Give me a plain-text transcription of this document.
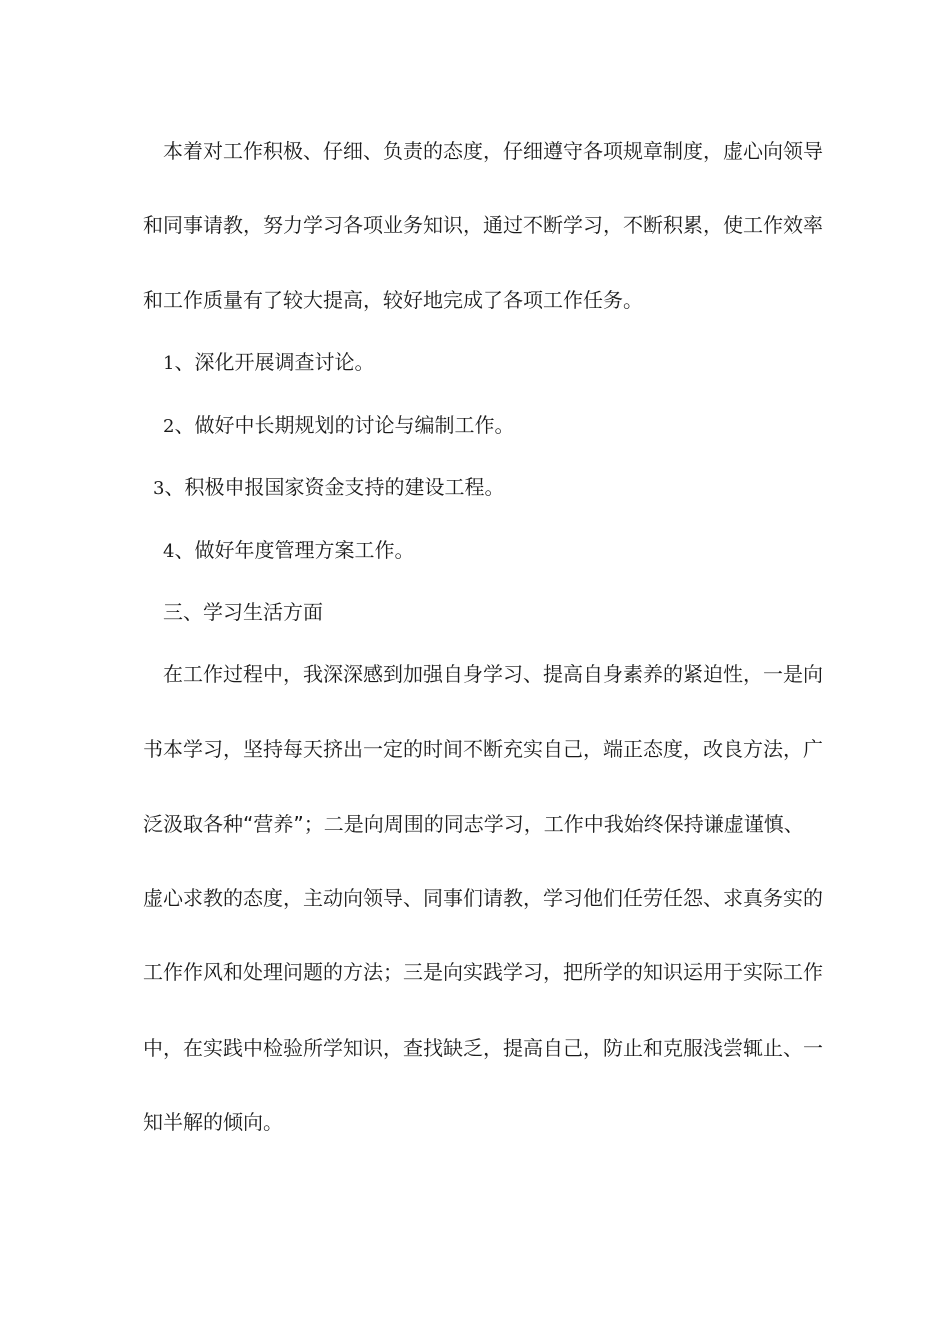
本着对工作积极、仔细、负责的态度，仔细遵守各项规章制度，虚心向领导
和同事请教，努力学习各项业务知识，通过不断学习，不断积累，使工作效率
和工作质量有了较大提高，较好地完成了各项工作任务。
1、深化开展调查讨论。
2、做好中长期规划的讨论与编制工作。
3、积极申报国家资金支持的建设工程。
4、做好年度管理方案工作。
三、学习生活方面
在工作过程中，我深深感到加强自身学习、提高自身素养的紧迫性，一是向
书本学习，坚持每天挤出一定的时间不断充实自己，端正态度，改良方法，广
泛汲取各种“营养”；二是向周围的同志学习，工作中我始终保持谦虚谨慎、
虚心求教的态度，主动向领导、同事们请教，学习他们任劳任怨、求真务实的
工作作风和处理问题的方法；三是向实践学习，把所学的知识运用于实际工作
中，在实践中检验所学知识，查找缺乏，提高自己，防止和克服浅尝辄止、一
知半解的倾向。
